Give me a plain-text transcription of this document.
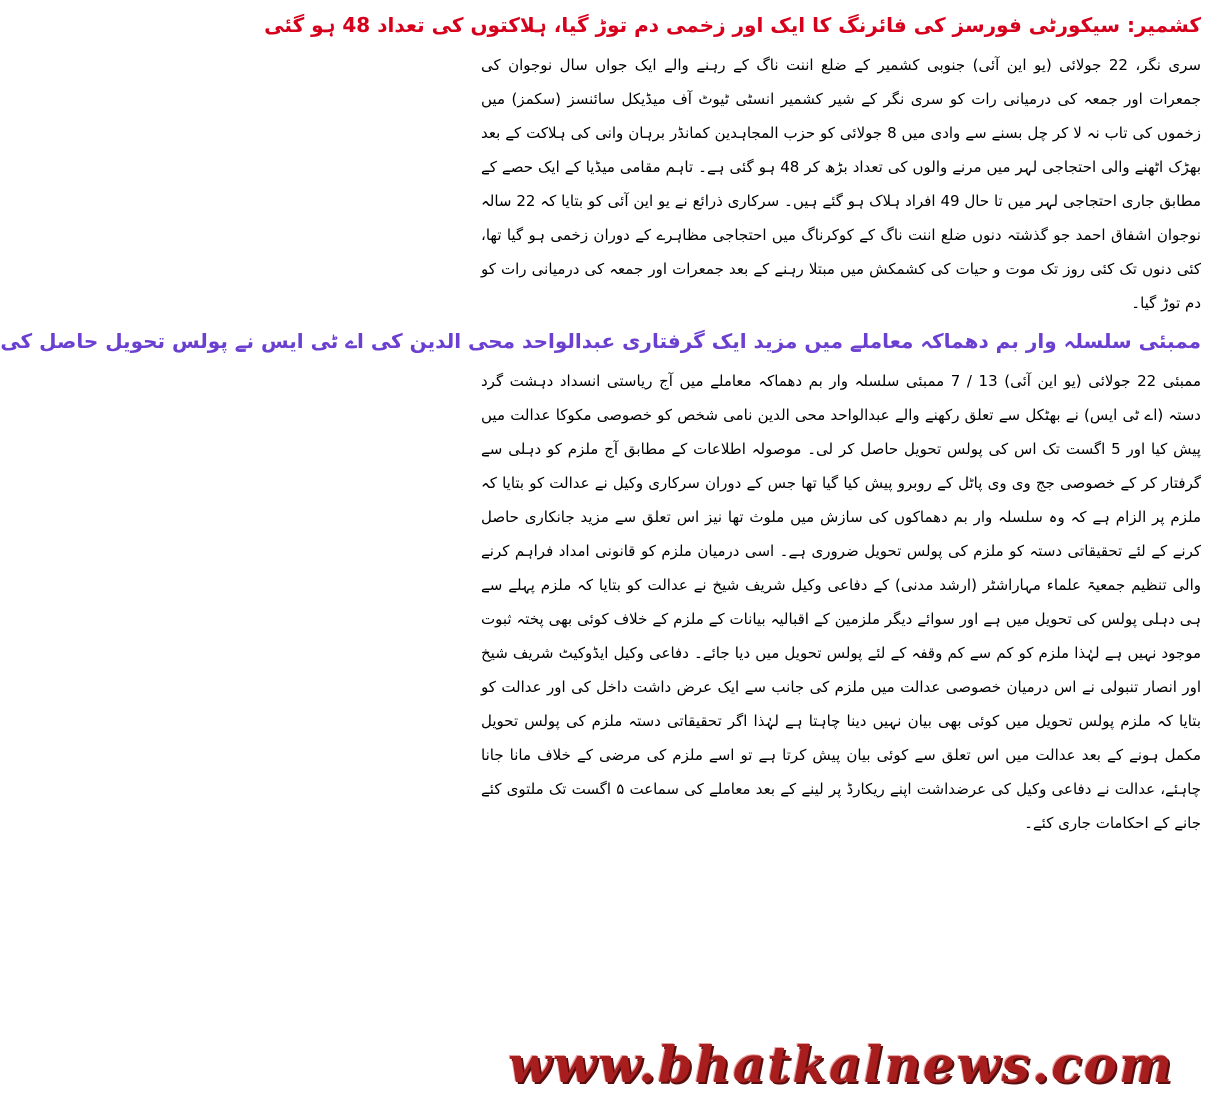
کشمیر: سیکورٹی فورسز کی فائرنگ کا ایک اور زخمی دم توڑ گیا، ہلاکتوں کی تعداد 48 ہو گئی

سری نگر، 22 جولائی (یو این آئی) جنوبی کشمیر کے ضلع اننت ناگ کے رہنے والے ایک جواں سال نوجوان کی جمعرات اور جمعہ کی درمیانی رات کو سری نگر کے شیر کشمیر انسٹی ٹیوٹ آف میڈیکل سائنسز (سکمز) میں زخموں کی تاب نہ لا کر چل بسنے سے وادی میں 8 جولائی کو حزب المجاہدین کمانڈر برہان وانی کی ہلاکت کے بعد بھڑک اٹھنے والی احتجاجی لہر میں مرنے والوں کی تعداد بڑھ کر 48 ہو گئی ہے۔ تاہم مقامی میڈیا کے ایک حصے کے مطابق جاری احتجاجی لہر میں تا حال 49 افراد ہلاک ہو گئے ہیں۔ سرکاری ذرائع نے یو این آئی کو بتایا کہ 22 سالہ نوجوان اشفاق احمد جو گذشتہ دنوں ضلع اننت ناگ کے کوکرناگ میں احتجاجی مظاہرے کے دوران زخمی ہو گیا تھا، کئی دنوں تک کئی روز تک موت و حیات کی کشمکش میں مبتلا رہنے کے بعد جمعرات اور جمعہ کی درمیانی رات کو دم توڑ گیا۔

ممبئی سلسلہ وار بم دھماکہ معاملے میں مزید ایک گرفتاری عبدالواحد محی الدین کی اے ٹی ایس نے پولس تحویل حاصل کی

ممبئی 22 جولائی (یو این آئی) 13 / 7 ممبئی سلسلہ وار بم دھماکہ معاملے میں آج ریاستی انسداد دہشت گرد دستہ (اے ٹی ایس) نے بھٹکل سے تعلق رکھنے والے عبدالواحد محی الدین نامی شخص کو خصوصی مکوکا عدالت میں پیش کیا اور 5 اگست تک اس کی پولس تحویل حاصل کر لی۔ موصولہ اطلاعات کے مطابق آج ملزم کو دہلی سے گرفتار کر کے خصوصی جج وی وی پاٹل کے روبرو پیش کیا گیا تھا جس کے دوران سرکاری وکیل نے عدالت کو بتایا کہ ملزم پر الزام ہے کہ وہ سلسلہ وار بم دھماکوں کی سازش میں ملوث تھا نیز اس تعلق سے مزید جانکاری حاصل کرنے کے لئے تحقیقاتی دستہ کو ملزم کی پولس تحویل ضروری ہے۔ اسی درمیان ملزم کو قانونی امداد فراہم کرنے والی تنظیم جمعیۃ علماء مہاراشٹر (ارشد مدنی) کے دفاعی وکیل شریف شیخ نے عدالت کو بتایا کہ ملزم پہلے سے ہی دہلی پولس کی تحویل میں ہے اور سوائے دیگر ملزمین کے اقبالیہ بیانات کے ملزم کے خلاف کوئی بھی پختہ ثبوت موجود نہیں ہے لہٰذا ملزم کو کم سے کم وقفہ کے لئے پولس تحویل میں دیا جائے۔ دفاعی وکیل ایڈوکیٹ شریف شیخ اور انصار تنبولی نے اس درمیان خصوصی عدالت میں ملزم کی جانب سے ایک عرض داشت داخل کی اور عدالت کو بتایا کہ ملزم پولس تحویل میں کوئی بھی بیان نہیں دینا چاہتا ہے لہٰذا اگر تحقیقاتی دستہ ملزم کی پولس تحویل مکمل ہونے کے بعد عدالت میں اس تعلق سے کوئی بیان پیش کرتا ہے تو اسے ملزم کی مرضی کے خلاف مانا جانا چاہئے، عدالت نے دفاعی وکیل کی عرضداشت اپنے ریکارڈ پر لینے کے بعد معاملے کی سماعت ۵ اگست تک ملتوی کئے جانے کے احکامات جاری کئے۔

www.bhatkalnews.com
